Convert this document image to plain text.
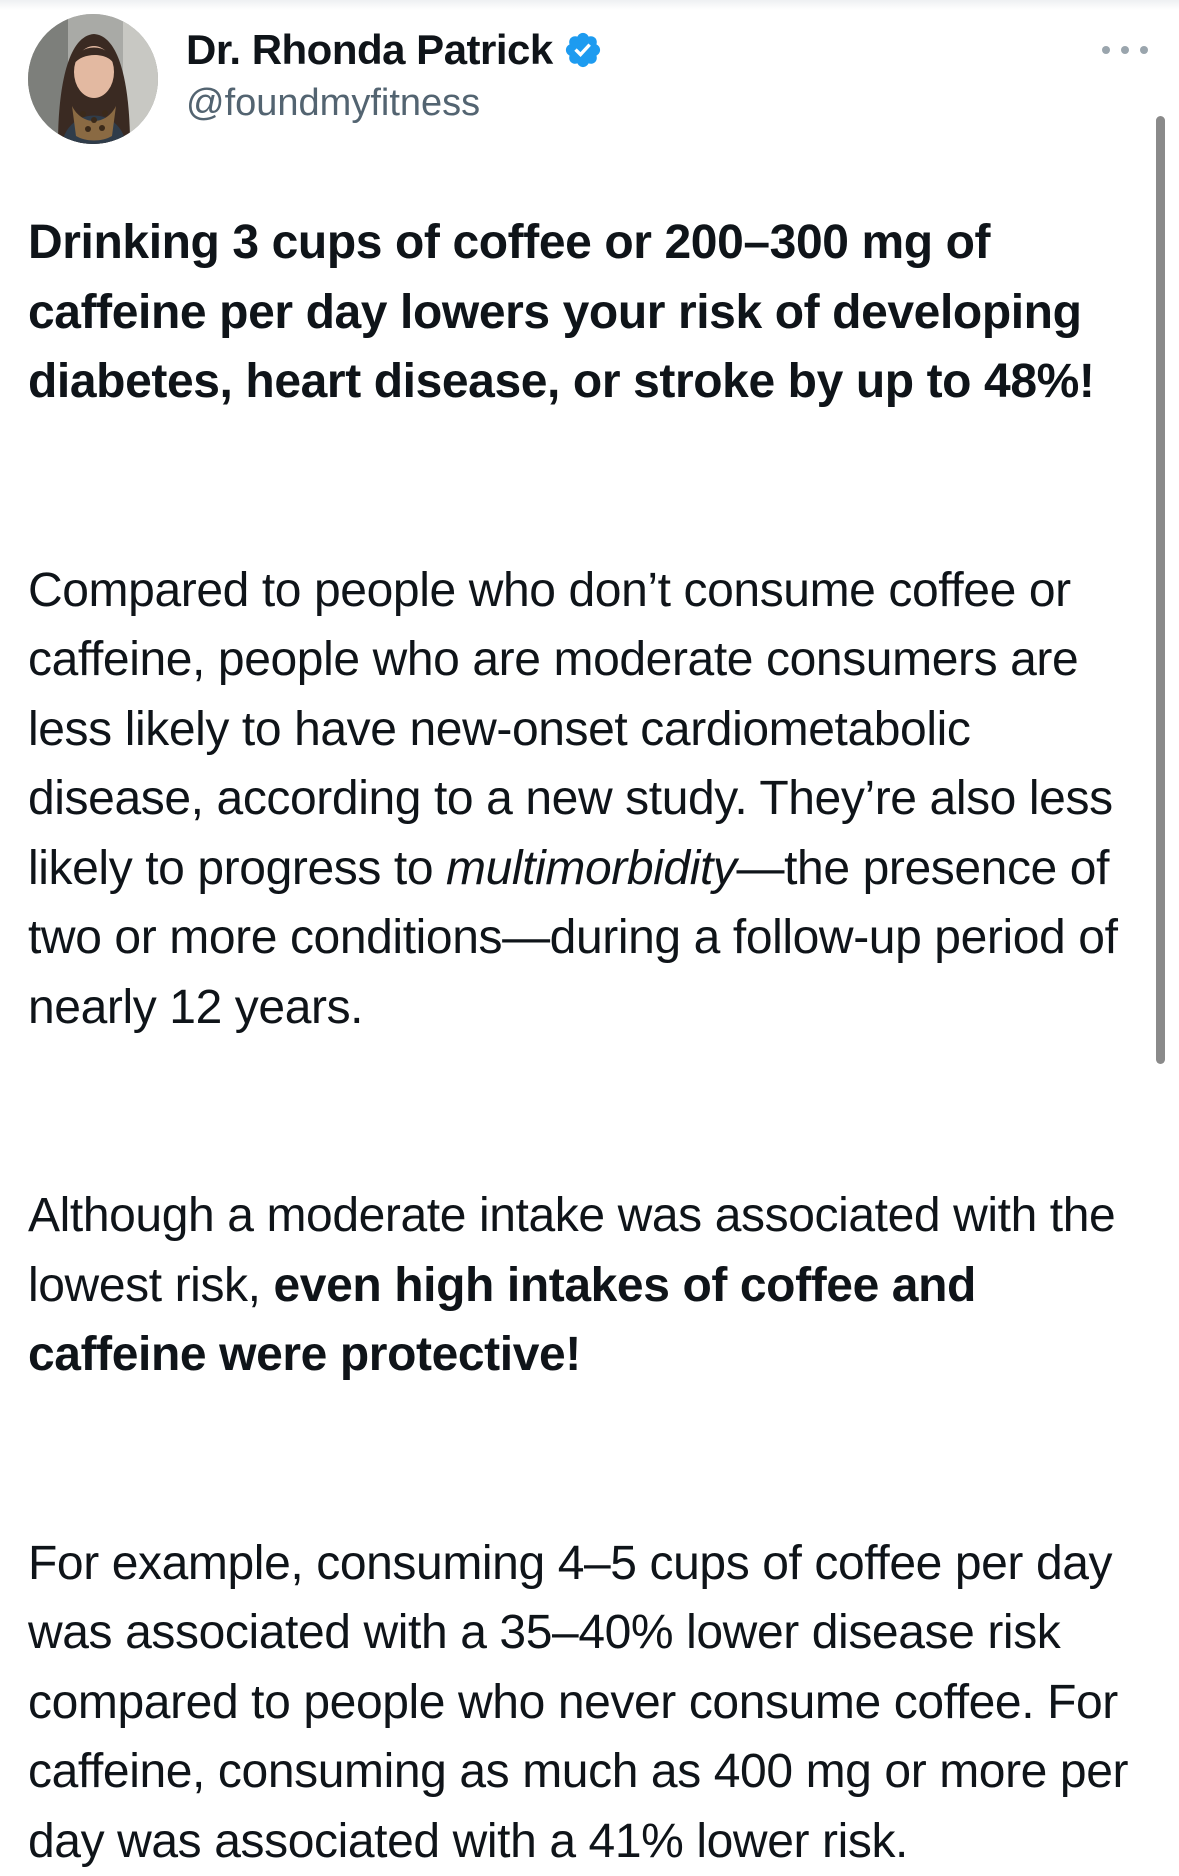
Dr. Rhonda Patrick
@foundmyfitness

Drinking 3 cups of coffee or 200–300 mg of caffeine per day lowers your risk of developing diabetes, heart disease, or stroke by up to 48%!

Compared to people who don’t consume coffee or caffeine, people who are moderate consumers are less likely to have new-onset cardiometabolic disease, according to a new study. They’re also less likely to progress to multimorbidity—the presence of two or more conditions—during a follow-up period of nearly 12 years.

Although a moderate intake was associated with the lowest risk, even high intakes of coffee and caffeine were protective!

For example, consuming 4–5 cups of coffee per day was associated with a 35–40% lower disease risk compared to people who never consume coffee. For caffeine, consuming as much as 400 mg or more per day was associated with a 41% lower risk.
